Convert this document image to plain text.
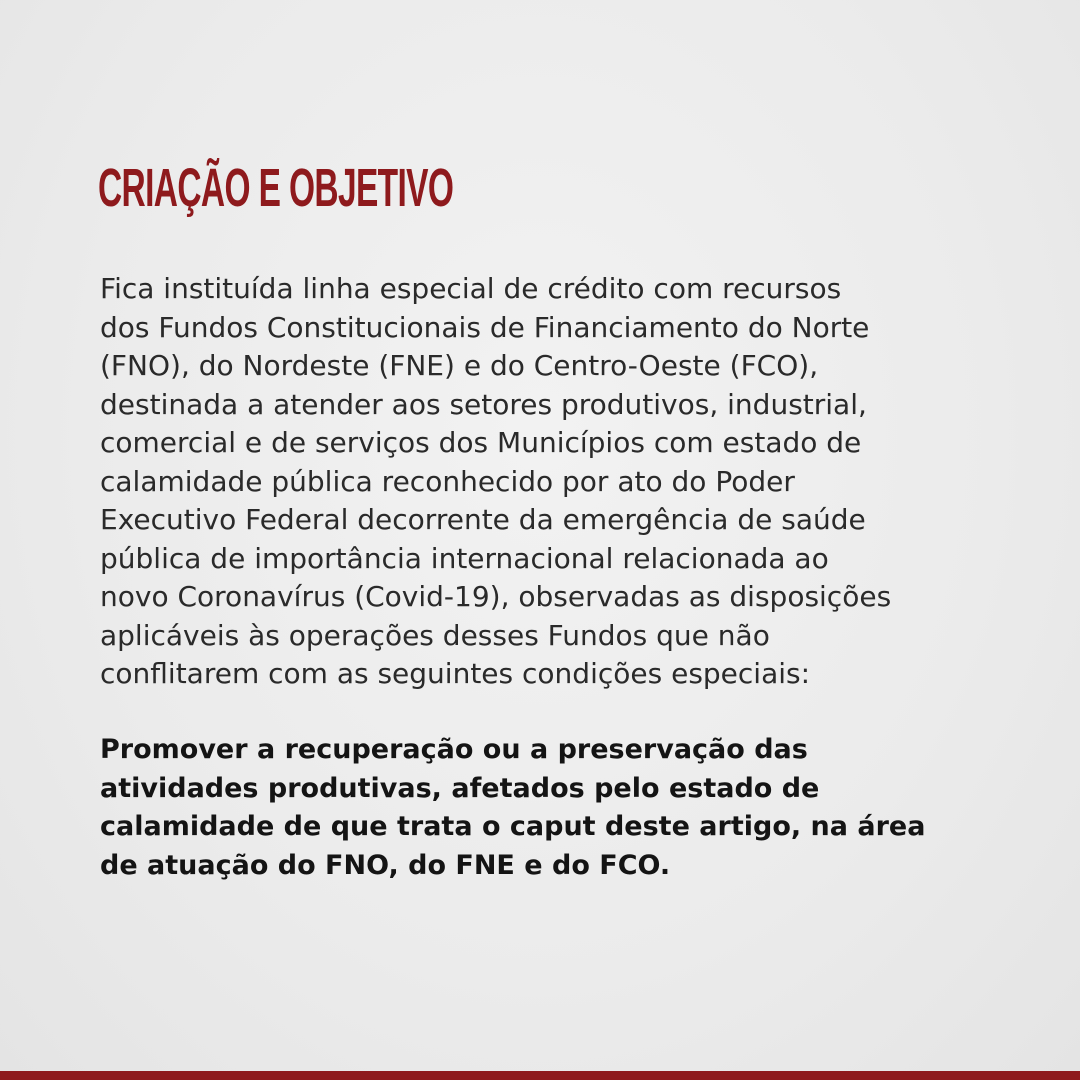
CRIAÇÃO E OBJETIVO

Fica instituída linha especial de crédito com recursos
dos Fundos Constitucionais de Financiamento do Norte
(FNO), do Nordeste (FNE) e do Centro-Oeste (FCO),
destinada a atender aos setores produtivos, industrial,
comercial e de serviços dos Municípios com estado de
calamidade pública reconhecido por ato do Poder
Executivo Federal decorrente da emergência de saúde
pública de importância internacional relacionada ao
novo Coronavírus (Covid-19), observadas as disposições
aplicáveis às operações desses Fundos que não
conflitarem com as seguintes condições especiais:

Promover a recuperação ou a preservação das
atividades produtivas, afetados pelo estado de
calamidade de que trata o caput deste artigo, na área
de atuação do FNO, do FNE e do FCO.
